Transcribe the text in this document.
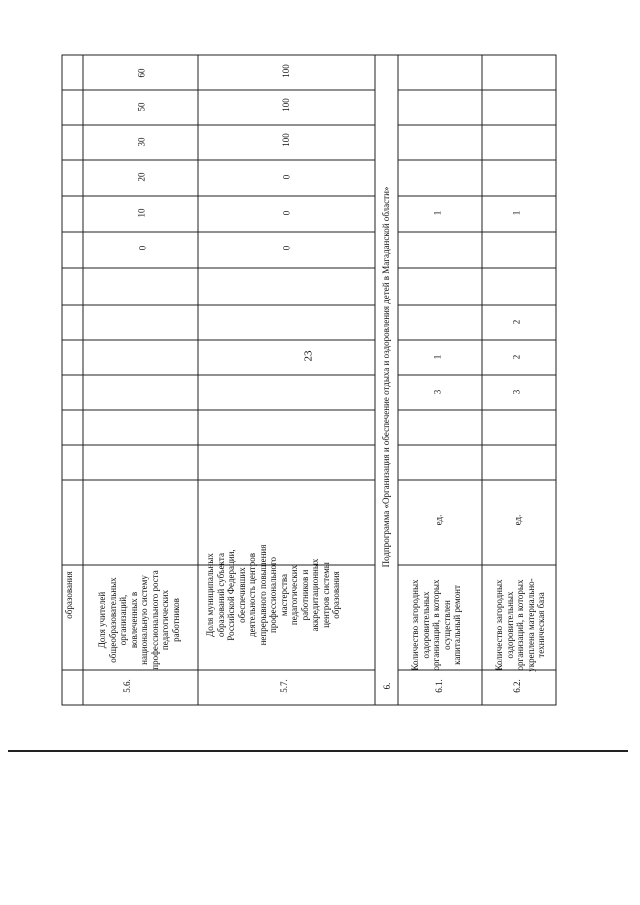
23
образования
5.6.
Доля учителей
общеобразовательных
организаций,
вовлеченных в
национальную систему
профессионального роста
педагогических
работников
0
10
20
30
50
60
5.7.
Доля муниципальных
образований субъекта
Российской Федерации,
обеспечивших
деятельность центров
непрерывного повышения
профессионального
мастерства
педагогических
работников и
аккредитационных
центров системы
образования
0
0
0
100
100
100
6.
Подпрограмма «Организация и обеспечение отдыха и оздоровления детей в Магаданской области»
6.1.
Количество загородных
оздоровительных
организаций, в которых
осуществлен
капитальный ремонт
ед.
3
1
1
6.2.
Количество загородных
оздоровительных
организаций, в которых
укреплена материально-
техническая база
ед.
3
2
2
1
